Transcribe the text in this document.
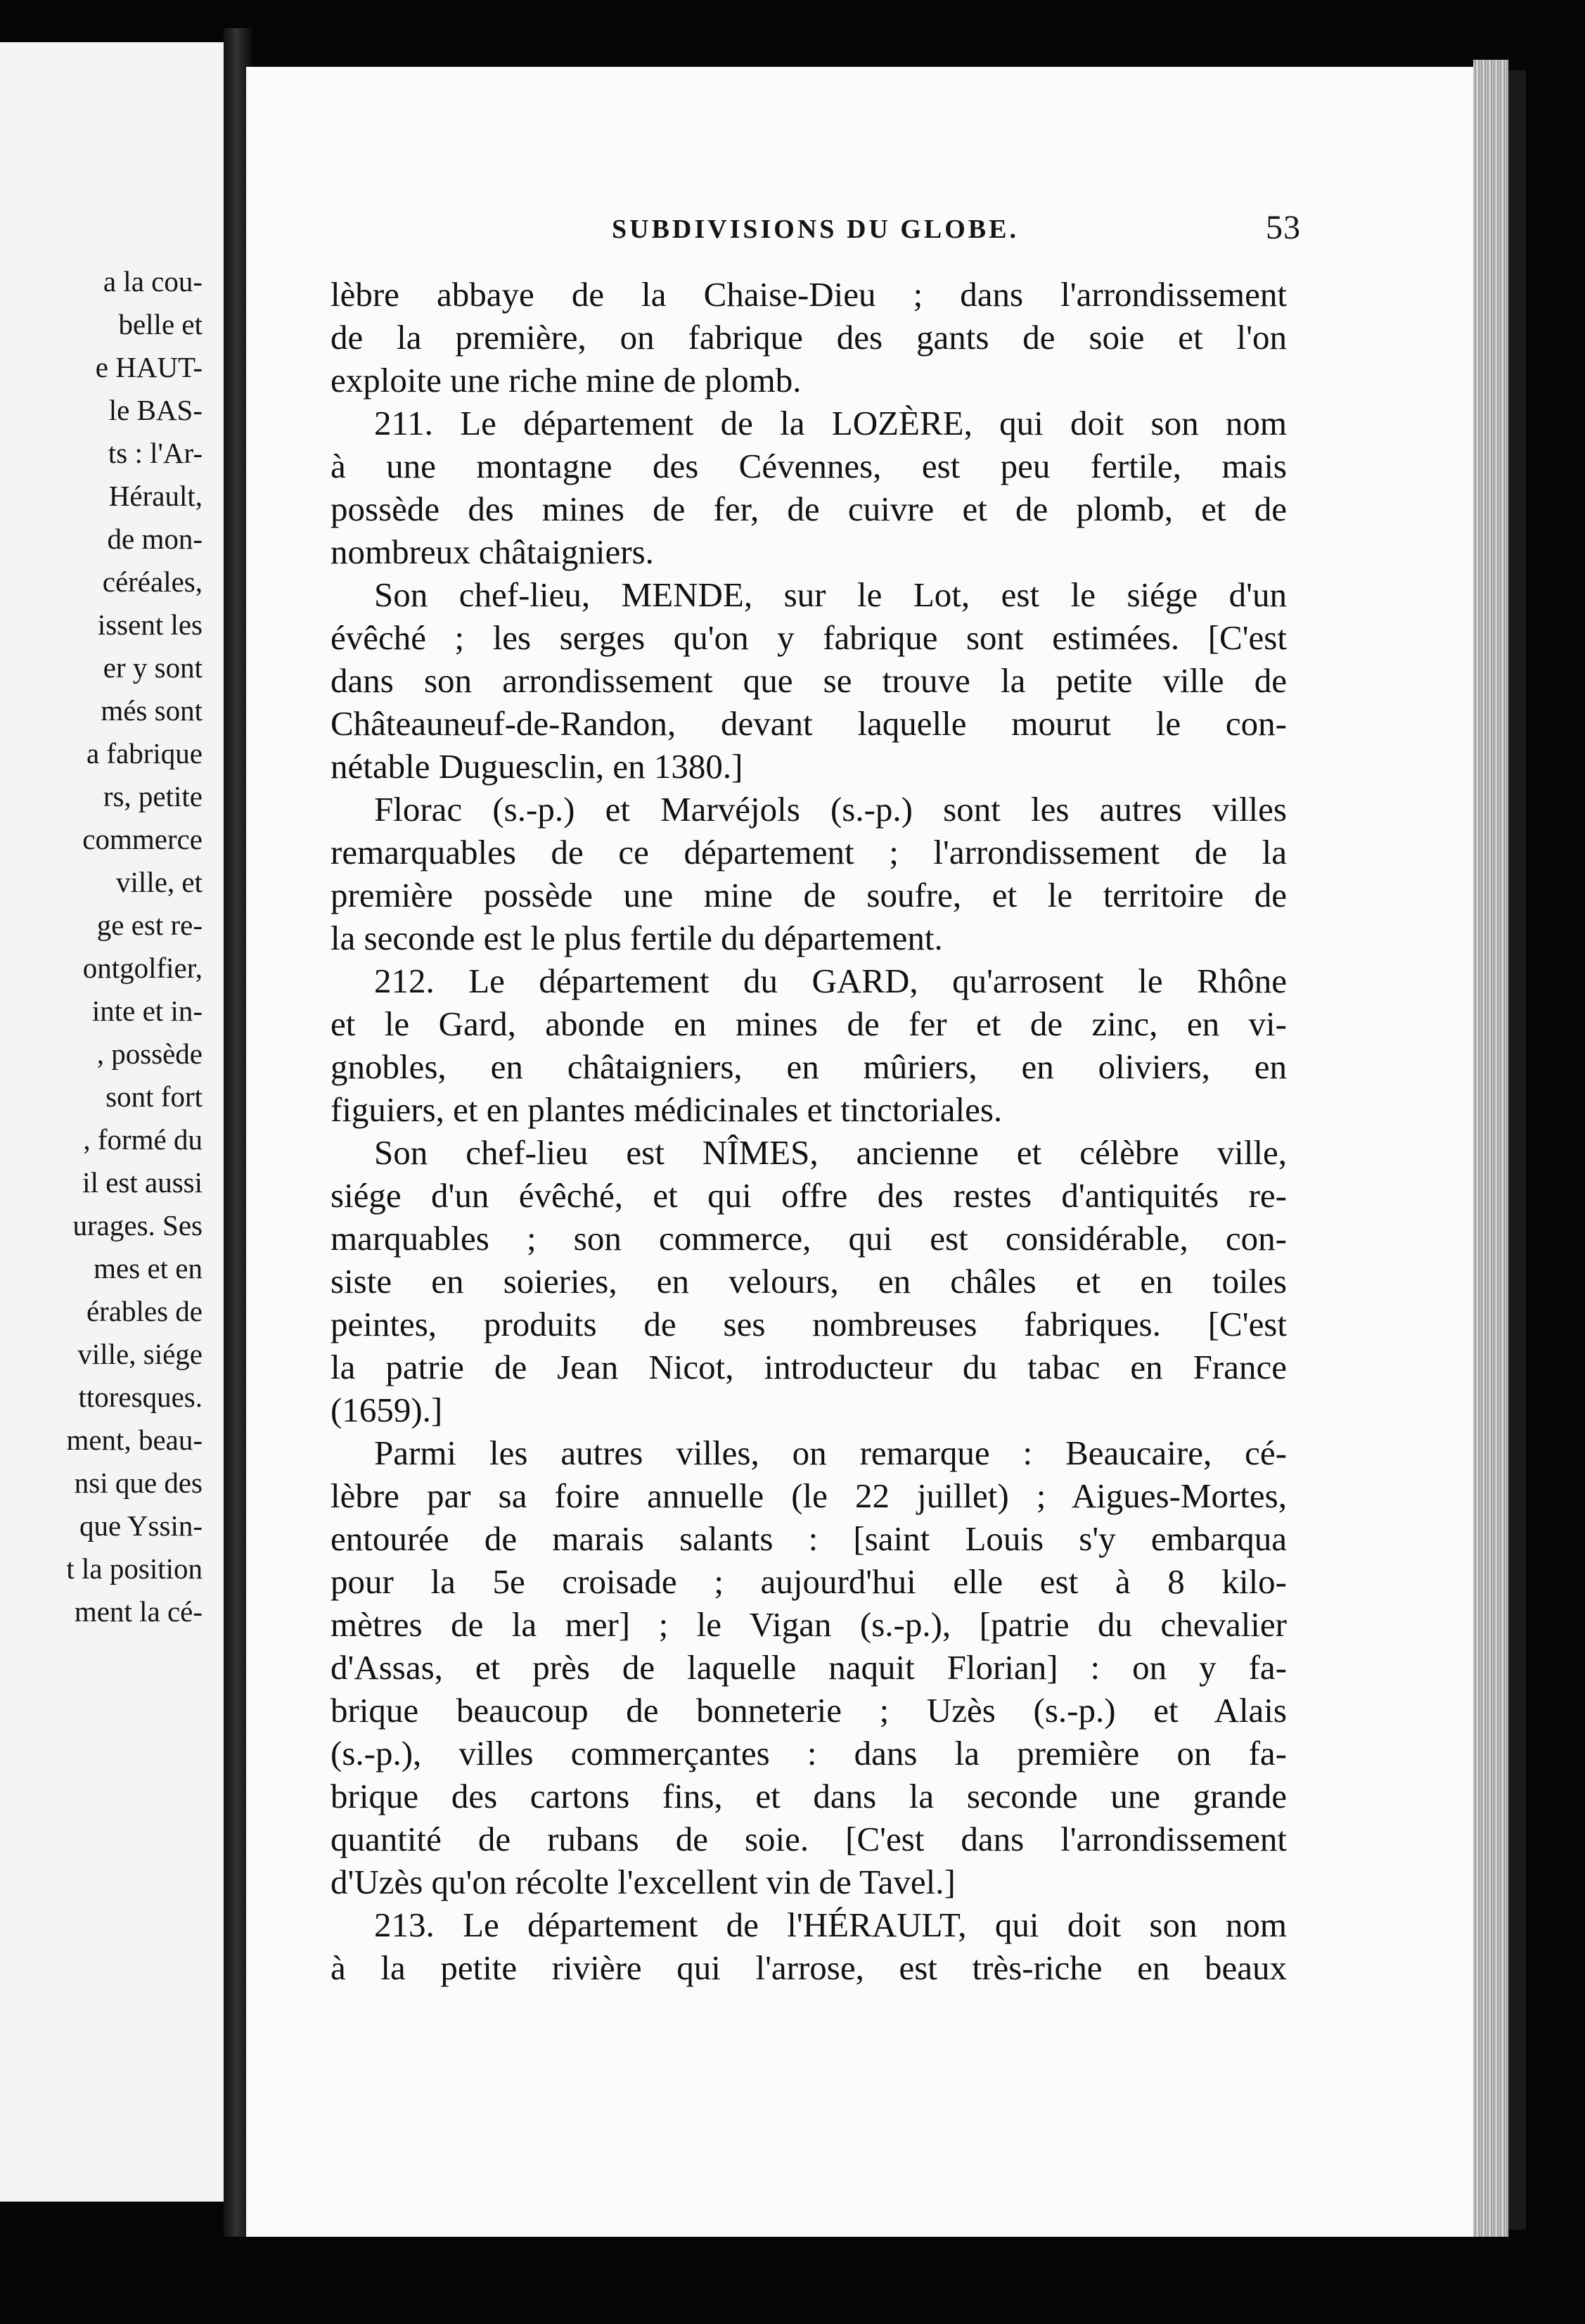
a la cou-
belle et
e HAUT-
le BAS-
ts : l'Ar-
Hérault,
de mon-
céréales,
issent les
er y sont
més sont
a fabrique
rs, petite
commerce
ville, et
ge est re-
ontgolfier,
inte et in-
, possède
sont fort
, formé du
il est aussi
urages. Ses
mes et en
érables de
ville, siége
ttoresques.
ment, beau-
nsi que des
que Yssin-
t la position
ment la cé-
SUBDIVISIONS DU GLOBE.	53
lèbre abbaye de la Chaise-Dieu ; dans l'arrondissement
de la première, on fabrique des gants de soie et l'on
exploite une riche mine de plomb.
211. Le département de la LOZÈRE, qui doit son nom
à une montagne des Cévennes, est peu fertile, mais
possède des mines de fer, de cuivre et de plomb, et de
nombreux châtaigniers.
Son chef-lieu, MENDE, sur le Lot, est le siége d'un
évêché ; les serges qu'on y fabrique sont estimées. [C'est
dans son arrondissement que se trouve la petite ville de
Châteauneuf-de-Randon, devant laquelle mourut le con-
nétable Duguesclin, en 1380.]
Florac (s.-p.) et Marvéjols (s.-p.) sont les autres villes
remarquables de ce département ; l'arrondissement de la
première possède une mine de soufre, et le territoire de
la seconde est le plus fertile du département.
212. Le département du GARD, qu'arrosent le Rhône
et le Gard, abonde en mines de fer et de zinc, en vi-
gnobles, en châtaigniers, en mûriers, en oliviers, en
figuiers, et en plantes médicinales et tinctoriales.
Son chef-lieu est NÎMES, ancienne et célèbre ville,
siége d'un évêché, et qui offre des restes d'antiquités re-
marquables ; son commerce, qui est considérable, con-
siste en soieries, en velours, en châles et en toiles
peintes, produits de ses nombreuses fabriques. [C'est
la patrie de Jean Nicot, introducteur du tabac en France
(1659).]
Parmi les autres villes, on remarque : Beaucaire, cé-
lèbre par sa foire annuelle (le 22 juillet) ; Aigues-Mortes,
entourée de marais salants : [saint Louis s'y embarqua
pour la 5e croisade ; aujourd'hui elle est à 8 kilo-
mètres de la mer] ; le Vigan (s.-p.), [patrie du chevalier
d'Assas, et près de laquelle naquit Florian] : on y fa-
brique beaucoup de bonneterie ; Uzès (s.-p.) et Alais
(s.-p.), villes commerçantes : dans la première on fa-
brique des cartons fins, et dans la seconde une grande
quantité de rubans de soie. [C'est dans l'arrondissement
d'Uzès qu'on récolte l'excellent vin de Tavel.]
213. Le département de l'HÉRAULT, qui doit son nom
à la petite rivière qui l'arrose, est très-riche en beaux
